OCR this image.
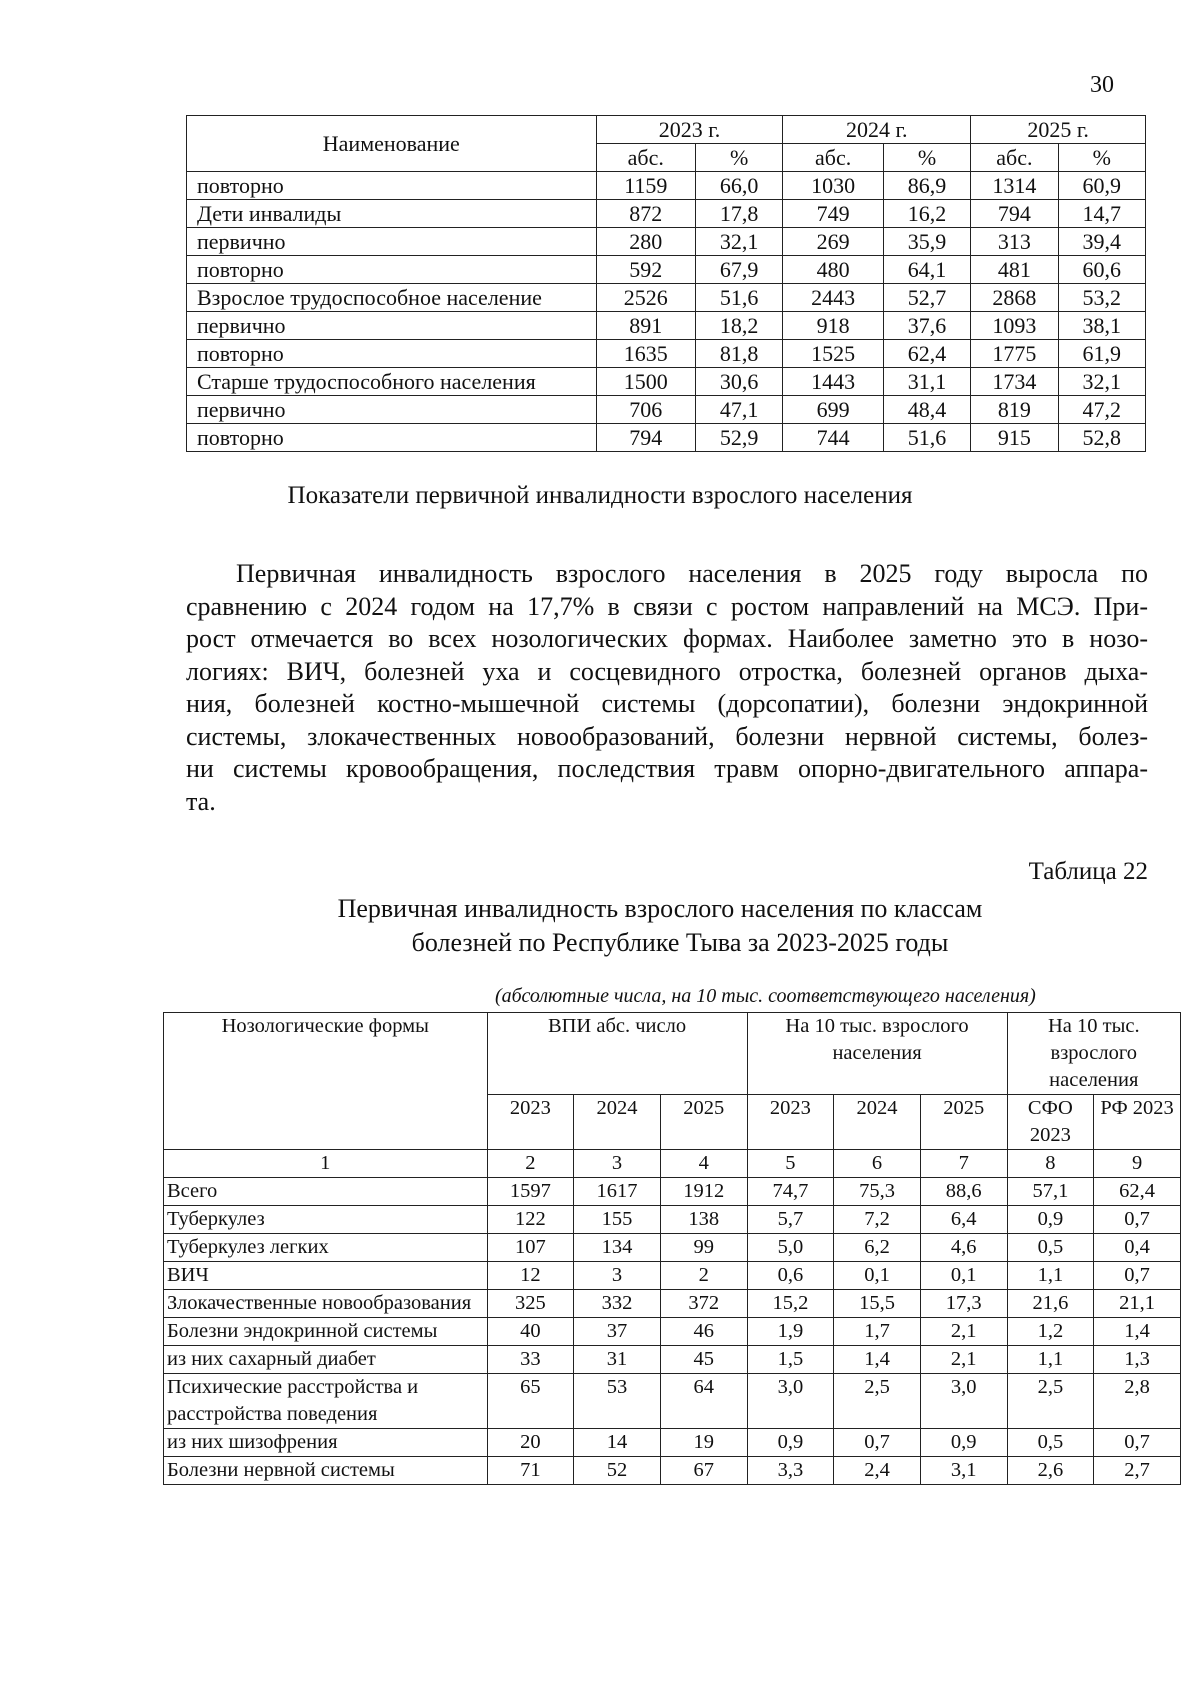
30
Наименование	2023 г.		2024 г.		2025 г.	
	абс.	%	абс.	%	абс.	%
повторно	1159	66,0	1030	86,9	1314	60,9
Дети инвалиды	872	17,8	749	16,2	794	14,7
первично	280	32,1	269	35,9	313	39,4
повторно	592	67,9	480	64,1	481	60,6
Взрослое трудоспособное население	2526	51,6	2443	52,7	2868	53,2
первично	891	18,2	918	37,6	1093	38,1
повторно	1635	81,8	1525	62,4	1775	61,9
Старше трудоспособного населения	1500	30,6	1443	31,1	1734	32,1
первично	706	47,1	699	48,4	819	47,2
повторно	794	52,9	744	51,6	915	52,8
Показатели первичной инвалидности взрослого населения
Первичная инвалидность взрослого населения в 2025 году выросла по
сравнению с 2024 годом на 17,7% в связи с ростом направлений на МСЭ. При-
рост отмечается во всех нозологических формах. Наиболее заметно это в нозо-
логиях: ВИЧ, болезней уха и сосцевидного отростка, болезней органов дыха-
ния, болезней костно-мышечной системы (дорсопатии), болезни эндокринной
системы, злокачественных новообразований, болезни нервной системы, болез-
ни системы кровообращения, последствия травм опорно-двигательного аппара-
та.
Таблица 22
Первичная инвалидность взрослого населения по классам
болезней по Республике Тыва за 2023-2025 годы
(абсолютные числа, на 10 тыс. соответствующего населения)
Нозологические формы	ВПИ абс. число			На 10 тыс. взрослого населения			На 10 тыс. взрослого населения	
	2023	2024	2025	2023	2024	2025	СФО 2023	РФ 2023
1	2	3	4	5	6	7	8	9
Всего	1597	1617	1912	74,7	75,3	88,6	57,1	62,4
Туберкулез	122	155	138	5,7	7,2	6,4	0,9	0,7
Туберкулез легких	107	134	99	5,0	6,2	4,6	0,5	0,4
ВИЧ	12	3	2	0,6	0,1	0,1	1,1	0,7
Злокачественные новообразования	325	332	372	15,2	15,5	17,3	21,6	21,1
Болезни эндокринной системы	40	37	46	1,9	1,7	2,1	1,2	1,4
из них сахарный диабет	33	31	45	1,5	1,4	2,1	1,1	1,3
Психические расстройства и расстройства поведения	65	53	64	3,0	2,5	3,0	2,5	2,8
из них шизофрения	20	14	19	0,9	0,7	0,9	0,5	0,7
Болезни нервной системы	71	52	67	3,3	2,4	3,1	2,6	2,7
